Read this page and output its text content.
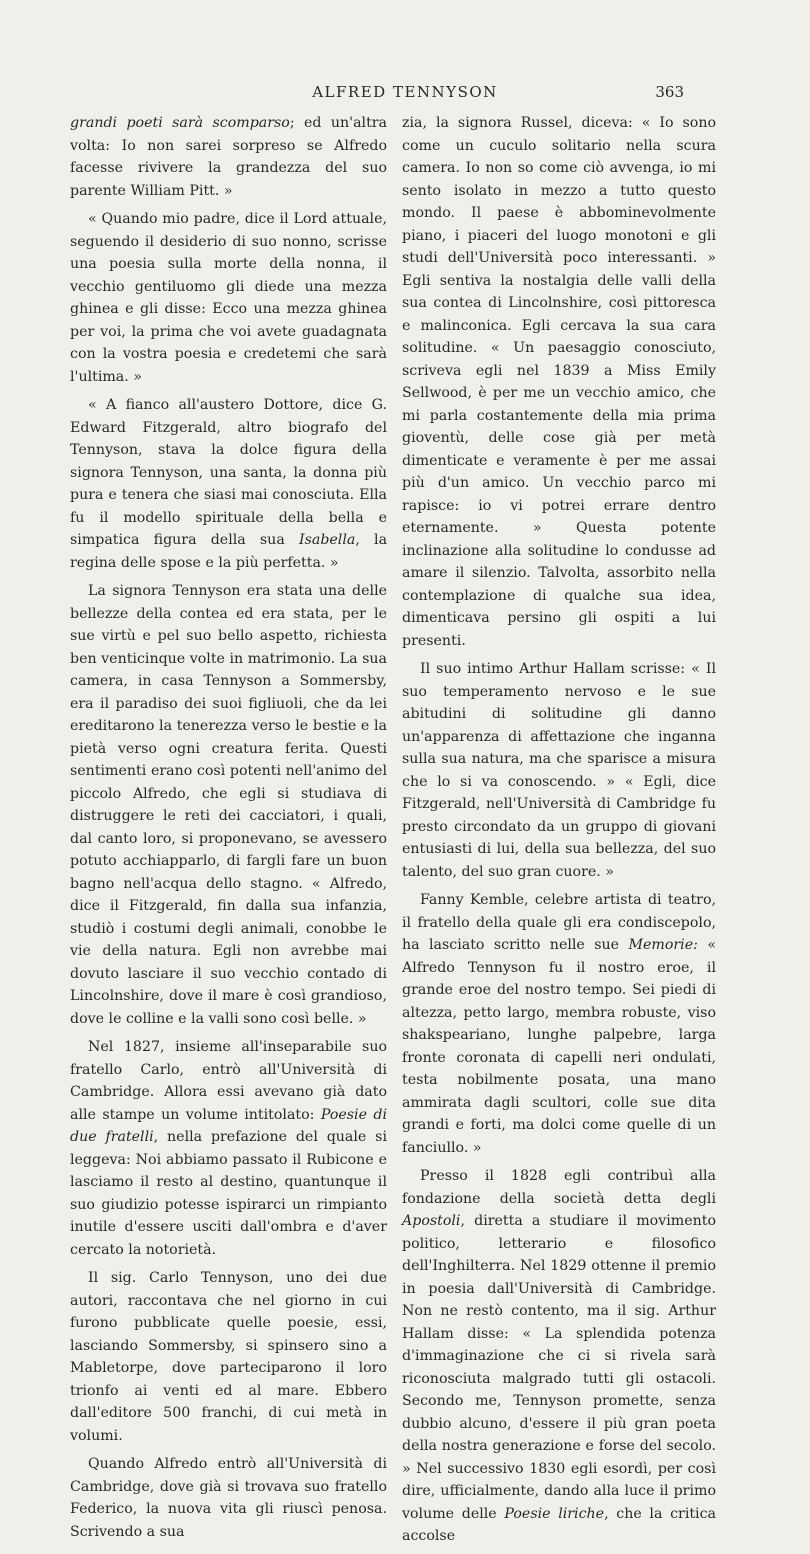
ALFRED TENNYSON	363

grandi poeti sarà scomparso; ed un'altra volta: Io non sarei sorpreso se Alfredo facesse rivivere la grandezza del suo parente William Pitt. »

« Quando mio padre, dice il Lord attuale, seguendo il desiderio di suo nonno, scrisse una poesia sulla morte della nonna, il vecchio gentiluomo gli diede una mezza ghinea e gli disse: Ecco una mezza ghinea per voi, la prima che voi avete guadagnata con la vostra poesia e credetemi che sarà l'ultima. »

« A fianco all'austero Dottore, dice G. Edward Fitzgerald, altro biografo del Tennyson, stava la dolce figura della signora Tennyson, una santa, la donna più pura e tenera che siasi mai conosciuta. Ella fu il modello spirituale della bella e simpatica figura della sua Isabella, la regina delle spose e la più perfetta. »

La signora Tennyson era stata una delle bellezze della contea ed era stata, per le sue virtù e pel suo bello aspetto, richiesta ben venticinque volte in matrimonio. La sua camera, in casa Tennyson a Sommersby, era il paradiso dei suoi figliuoli, che da lei ereditarono la tenerezza verso le bestie e la pietà verso ogni creatura ferita. Questi sentimenti erano così potenti nell'animo del piccolo Alfredo, che egli si studiava di distruggere le reti dei cacciatori, i quali, dal canto loro, si proponevano, se avessero potuto acchiapparlo, di fargli fare un buon bagno nell'acqua dello stagno. « Alfredo, dice il Fitzgerald, fin dalla sua infanzia, studiò i costumi degli animali, conobbe le vie della natura. Egli non avrebbe mai dovuto lasciare il suo vecchio contado di Lincolnshire, dove il mare è così grandioso, dove le colline e la valli sono così belle. »

Nel 1827, insieme all'inseparabile suo fratello Carlo, entrò all'Università di Cambridge. Allora essi avevano già dato alle stampe un volume intitolato: Poesie di due fratelli, nella prefazione del quale si leggeva: Noi abbiamo passato il Rubicone e lasciamo il resto al destino, quantunque il suo giudizio potesse ispirarci un rimpianto inutile d'essere usciti dall'ombra e d'aver cercato la notorietà.

Il sig. Carlo Tennyson, uno dei due autori, raccontava che nel giorno in cui furono pubblicate quelle poesie, essi, lasciando Sommersby, si spinsero sino a Mabletorpe, dove parteciparono il loro trionfo ai venti ed al mare. Ebbero dall'editore 500 franchi, di cui metà in volumi.

Quando Alfredo entrò all'Università di Cambridge, dove già si trovava suo fratello Federico, la nuova vita gli riuscì penosa. Scrivendo a sua

zia, la signora Russel, diceva: « Io sono come un cuculo solitario nella scura camera. Io non so come ciò avvenga, io mi sento isolato in mezzo a tutto questo mondo. Il paese è abbominevolmente piano, i piaceri del luogo monotoni e gli studi dell'Università poco interessanti. » Egli sentiva la nostalgia delle valli della sua contea di Lincolnshire, così pittoresca e malinconica. Egli cercava la sua cara solitudine. « Un paesaggio conosciuto, scriveva egli nel 1839 a Miss Emily Sellwood, è per me un vecchio amico, che mi parla costantemente della mia prima gioventù, delle cose già per metà dimenticate e veramente è per me assai più d'un amico. Un vecchio parco mi rapisce: io vi potrei errare dentro eternamente. » Questa potente inclinazione alla solitudine lo condusse ad amare il silenzio. Talvolta, assorbito nella contemplazione di qualche sua idea, dimenticava persino gli ospiti a lui presenti.

Il suo intimo Arthur Hallam scrisse: « Il suo temperamento nervoso e le sue abitudini di solitudine gli danno un'apparenza di affettazione che inganna sulla sua natura, ma che sparisce a misura che lo si va conoscendo. » « Egli, dice Fitzgerald, nell'Università di Cambridge fu presto circondato da un gruppo di giovani entusiasti di lui, della sua bellezza, del suo talento, del suo gran cuore. »

Fanny Kemble, celebre artista di teatro, il fratello della quale gli era condiscepolo, ha lasciato scritto nelle sue Memorie: « Alfredo Tennyson fu il nostro eroe, il grande eroe del nostro tempo. Sei piedi di altezza, petto largo, membra robuste, viso shakspeariano, lunghe palpebre, larga fronte coronata di capelli neri ondulati, testa nobilmente posata, una mano ammirata dagli scultori, colle sue dita grandi e forti, ma dolci come quelle di un fanciullo. »

Presso il 1828 egli contribuì alla fondazione della società detta degli Apostoli, diretta a studiare il movimento politico, letterario e filosofico dell'Inghilterra. Nel 1829 ottenne il premio in poesia dall'Università di Cambridge. Non ne restò contento, ma il sig. Arthur Hallam disse: « La splendida potenza d'immaginazione che ci si rivela sarà riconosciuta malgrado tutti gli ostacoli. Secondo me, Tennyson promette, senza dubbio alcuno, d'essere il più gran poeta della nostra generazione e forse del secolo. » Nel successivo 1830 egli esordì, per così dire, ufficialmente, dando alla luce il primo volume delle Poesie liriche, che la critica accolse
